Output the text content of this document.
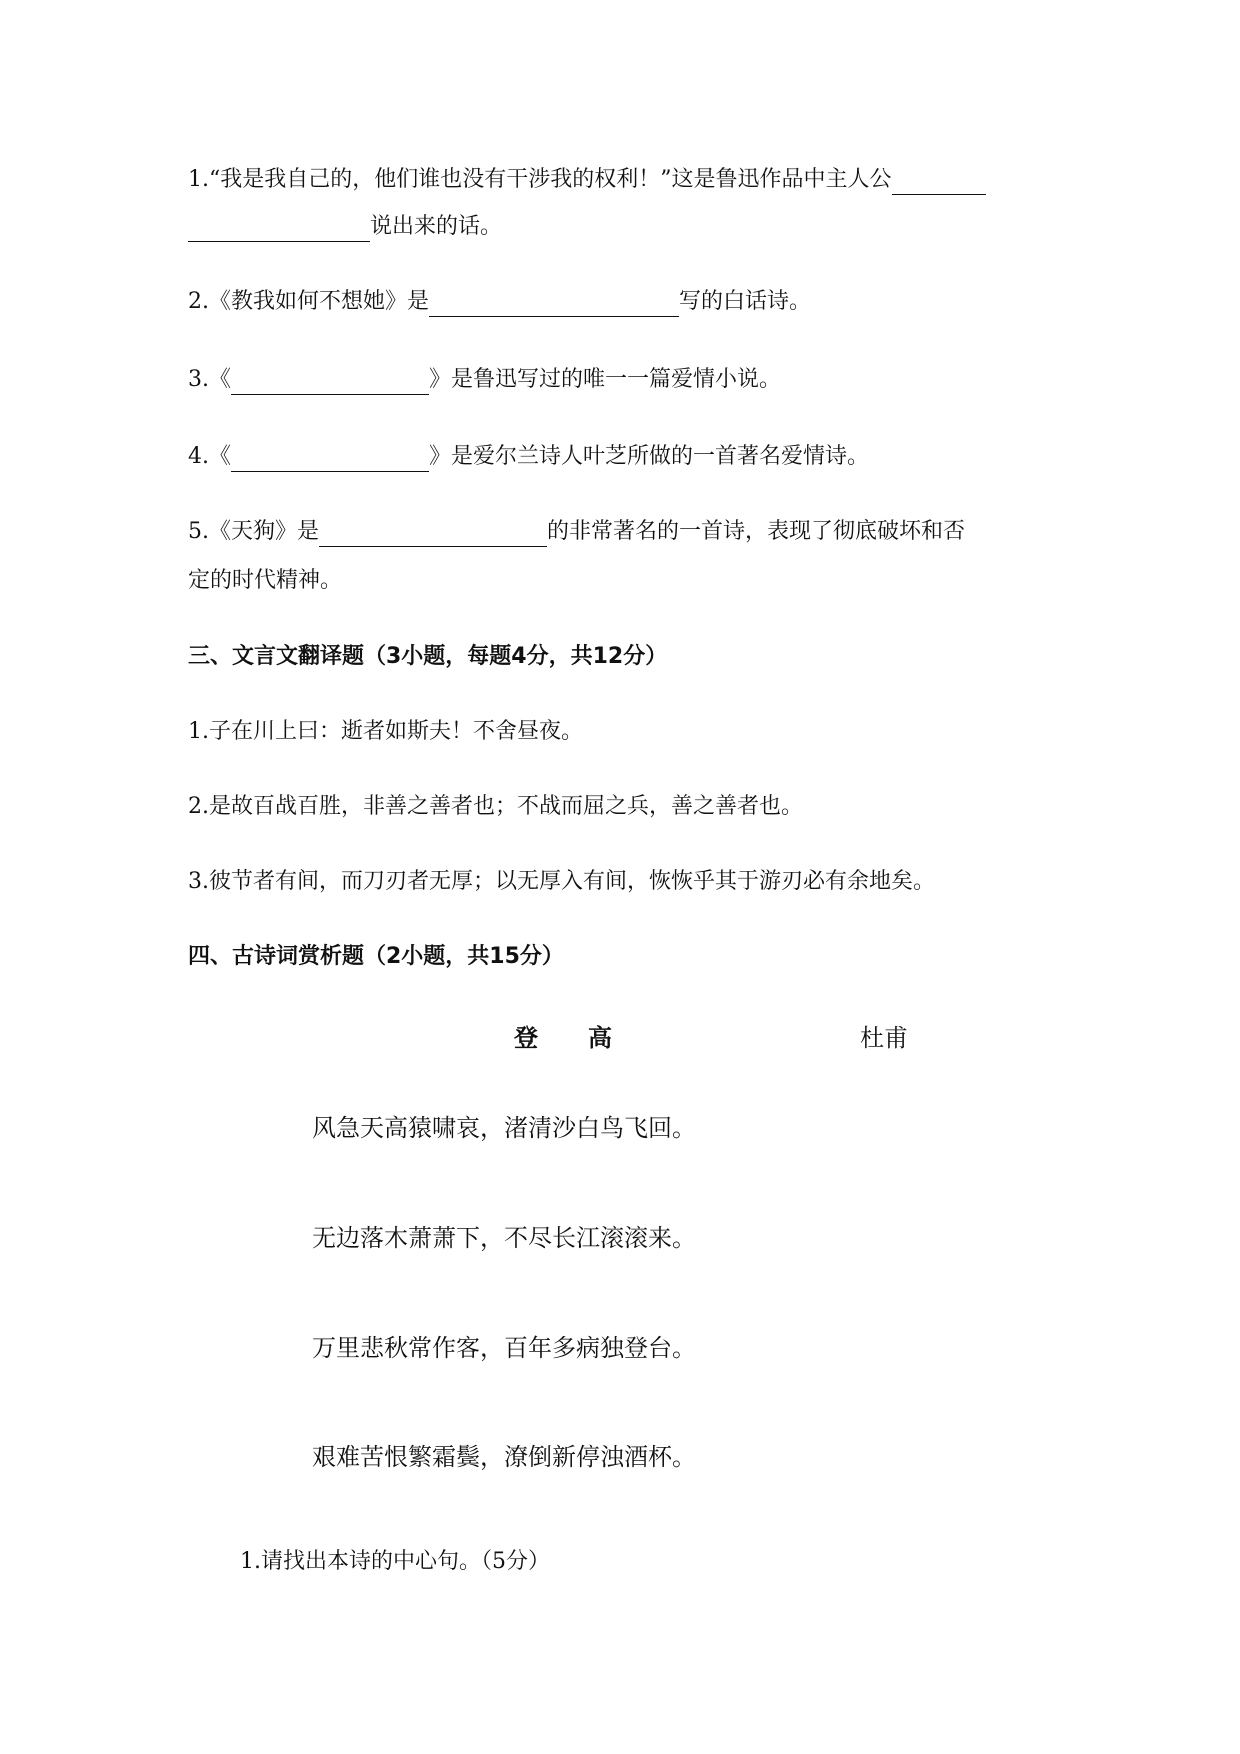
1.“我是我自己的，他们谁也没有干涉我的权利！”这是鲁迅作品中主人公
说出来的话。
2.《教我如何不想她》是	写的白话诗。
3.《	》是鲁迅写过的唯一一篇爱情小说。
4.《	》是爱尔兰诗人叶芝所做的一首著名爱情诗。
5.《天狗》是	的非常著名的一首诗，表现了彻底破坏和否
定的时代精神。
三、文言文翻译题（3小题，每题4分，共12分）
1.子在川上曰：逝者如斯夫！不舍昼夜。
2.是故百战百胜，非善之善者也；不战而屈之兵，善之善者也。
3.彼节者有间，而刀刃者无厚；以无厚入有间，恢恢乎其于游刃必有余地矣。
四、古诗词赏析题（2小题，共15分）
登 高	杜甫
风急天高猿啸哀，渚清沙白鸟飞回。
无边落木萧萧下，不尽长江滚滚来。
万里悲秋常作客，百年多病独登台。
艰难苦恨繁霜鬓，潦倒新停浊酒杯。
1.请找出本诗的中心句。（5分）
